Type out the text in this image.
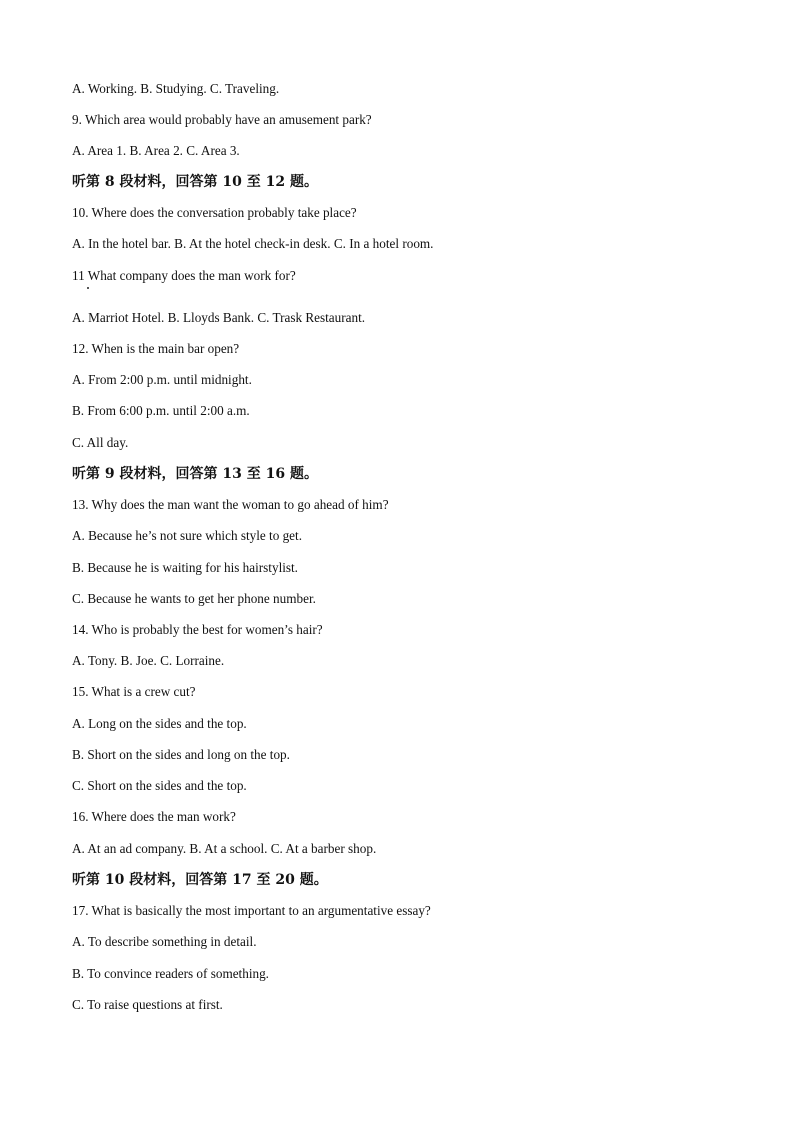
A. Working. B. Studying. C. Traveling.
9. Which area would probably have an amusement park?
A. Area 1. B. Area 2. C. Area 3.
听第 8 段材料，回答第 10 至 12 题。
10. Where does the conversation probably take place?
A. In the hotel bar. B. At the hotel check-in desk. C. In a hotel room.
11 What company does the man work for?
A. Marriot Hotel. B. Lloyds Bank. C. Trask Restaurant.
12. When is the main bar open?
A. From 2:00 p.m. until midnight.
B. From 6:00 p.m. until 2:00 a.m.
C. All day.
听第 9 段材料，回答第 13 至 16 题。
13. Why does the man want the woman to go ahead of him?
A. Because he’s not sure which style to get.
B. Because he is waiting for his hairstylist.
C. Because he wants to get her phone number.
14. Who is probably the best for women’s hair?
A. Tony. B. Joe. C. Lorraine.
15. What is a crew cut?
A. Long on the sides and the top.
B. Short on the sides and long on the top.
C. Short on the sides and the top.
16. Where does the man work?
A. At an ad company. B. At a school. C. At a barber shop.
听第 10 段材料，回答第 17 至 20 题。
17. What is basically the most important to an argumentative essay?
A. To describe something in detail.
B. To convince readers of something.
C. To raise questions at first.
